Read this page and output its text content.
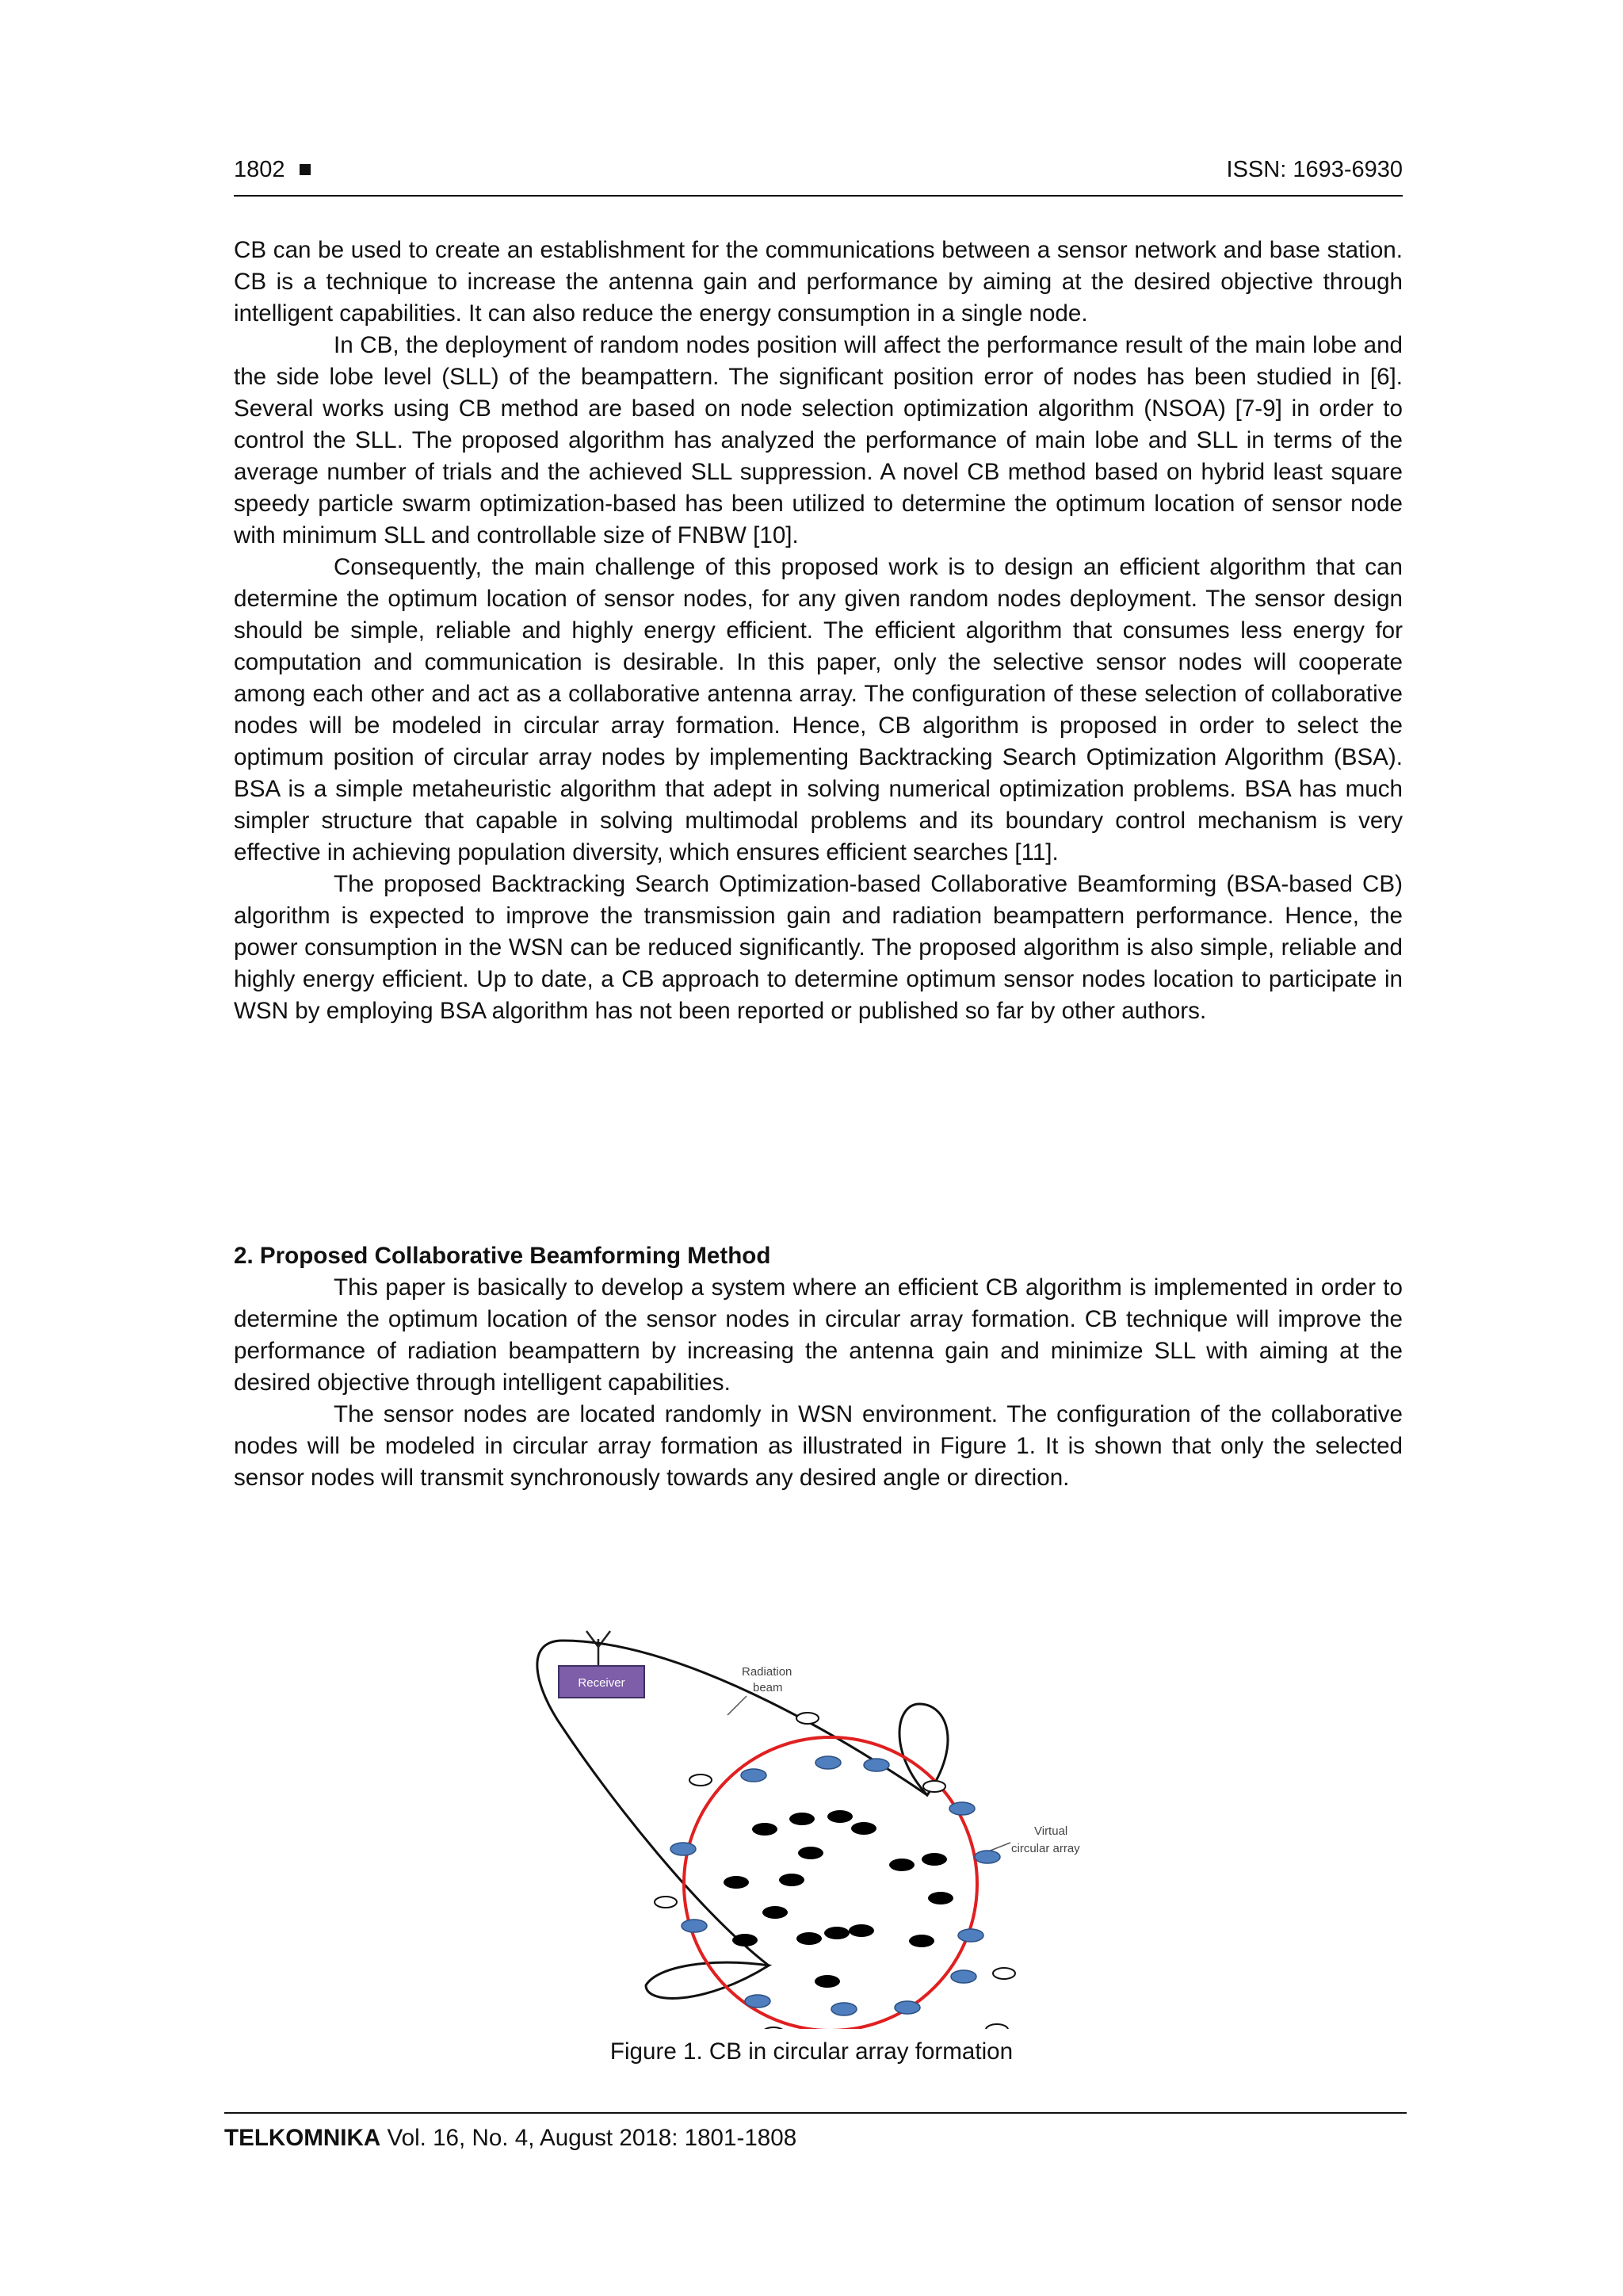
1802	ISSN: 1693-6930

CB can be used to create an establishment for the communications between a sensor network and base station. CB is a technique to increase the antenna gain and performance by aiming at the desired objective through intelligent capabilities. It can also reduce the energy consumption in a single node.

In CB, the deployment of random nodes position will affect the performance result of the main lobe and the side lobe level (SLL) of the beampattern. The significant position error of nodes has been studied in [6]. Several works using CB method are based on node selection optimization algorithm (NSOA) [7-9] in order to control the SLL. The proposed algorithm has analyzed the performance of main lobe and SLL in terms of the average number of trials and the achieved SLL suppression. A novel CB method based on hybrid least square speedy particle swarm optimization-based has been utilized to determine the optimum location of sensor node with minimum SLL and controllable size of FNBW [10].

Consequently, the main challenge of this proposed work is to design an efficient algorithm that can determine the optimum location of sensor nodes, for any given random nodes deployment. The sensor design should be simple, reliable and highly energy efficient. The efficient algorithm that consumes less energy for computation and communication is desirable. In this paper, only the selective sensor nodes will cooperate among each other and act as a collaborative antenna array. The configuration of these selection of collaborative nodes will be modeled in circular array formation. Hence, CB algorithm is proposed in order to select the optimum position of circular array nodes by implementing Backtracking Search Optimization Algorithm (BSA). BSA is a simple metaheuristic algorithm that adept in solving numerical optimization problems. BSA has much simpler structure that capable in solving multimodal problems and its boundary control mechanism is very effective in achieving population diversity, which ensures efficient searches [11].

The proposed Backtracking Search Optimization-based Collaborative Beamforming (BSA-based CB) algorithm is expected to improve the transmission gain and radiation beampattern performance. Hence, the power consumption in the WSN can be reduced significantly. The proposed algorithm is also simple, reliable and highly energy efficient. Up to date, a CB approach to determine optimum sensor nodes location to participate in WSN by employing BSA algorithm has not been reported or published so far by other authors.

2. Proposed Collaborative Beamforming Method

This paper is basically to develop a system where an efficient CB algorithm is implemented in order to determine the optimum location of the sensor nodes in circular array formation. CB technique will improve the performance of radiation beampattern by increasing the antenna gain and minimize SLL with aiming at the desired objective through intelligent capabilities.

The sensor nodes are located randomly in WSN environment. The configuration of the collaborative nodes will be modeled in circular array formation as illustrated in Figure 1. It is shown that only the selected sensor nodes will transmit synchronously towards any desired angle or direction.

Receiver
Radiation
beam
Virtual
circular array

Figure 1. CB in circular array formation

TELKOMNIKA Vol. 16, No. 4, August 2018: 1801-1808
